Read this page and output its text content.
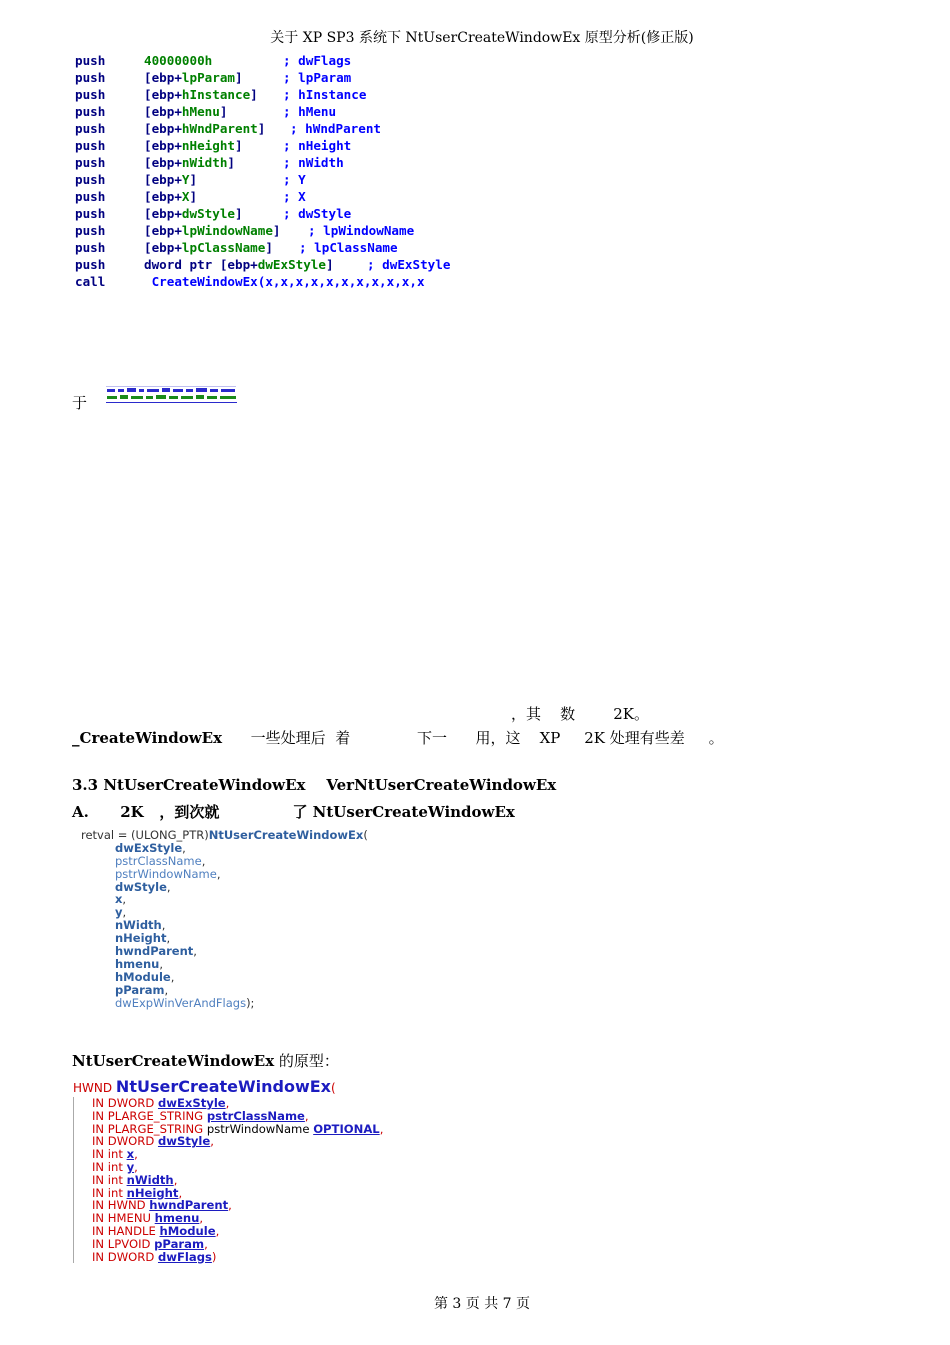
关于 XP SP3 系统下 NtUserCreateWindowEx 原型分析(修正版)
push	40000000h	; dwFlags
push	[ebp+lpParam]	; lpParam
push	[ebp+hInstance] ; hInstance
push	[ebp+hMenu]	; hMenu
push	[ebp+hWndParent] ; hWndParent
push	[ebp+nHeight]	; nHeight
push	[ebp+nWidth]	; nWidth
push	[ebp+Y]	; Y
push	[ebp+X]	; X
push	[ebp+dwStyle]	; dwStyle
push	[ebp+lpWindowName] ; lpWindowName
push	[ebp+lpClassName] ; lpClassName
push	dword ptr [ebp+dwExStyle]	; dwExStyle
call	CreateWindowEx(x,x,x,x,x,x,x,x,x,x,x
于
，其    数        2K。
_CreateWindowEx      一些处理后  着              下一      用，这    XP     2K 处理有些差     。
3.3 NtUserCreateWindowEx    VerNtUserCreateWindowEx
A.      2K   ，到次就              了 NtUserCreateWindowEx
retval = (ULONG_PTR)NtUserCreateWindowEx(
dwExStyle,
pstrClassName,
pstrWindowName,
dwStyle,
x,
y,
nWidth,
nHeight,
hwndParent,
hmenu,
hModule,
pParam,
dwExpWinVerAndFlags);
NtUserCreateWindowEx 的原型：
HWND NtUserCreateWindowEx(
IN DWORD dwExStyle,
IN PLARGE_STRING pstrClassName,
IN PLARGE_STRING pstrWindowName OPTIONAL,
IN DWORD dwStyle,
IN int x,
IN int y,
IN int nWidth,
IN int nHeight,
IN HWND hwndParent,
IN HMENU hmenu,
IN HANDLE hModule,
IN LPVOID pParam,
IN DWORD dwFlags)
第 3 页 共 7 页
